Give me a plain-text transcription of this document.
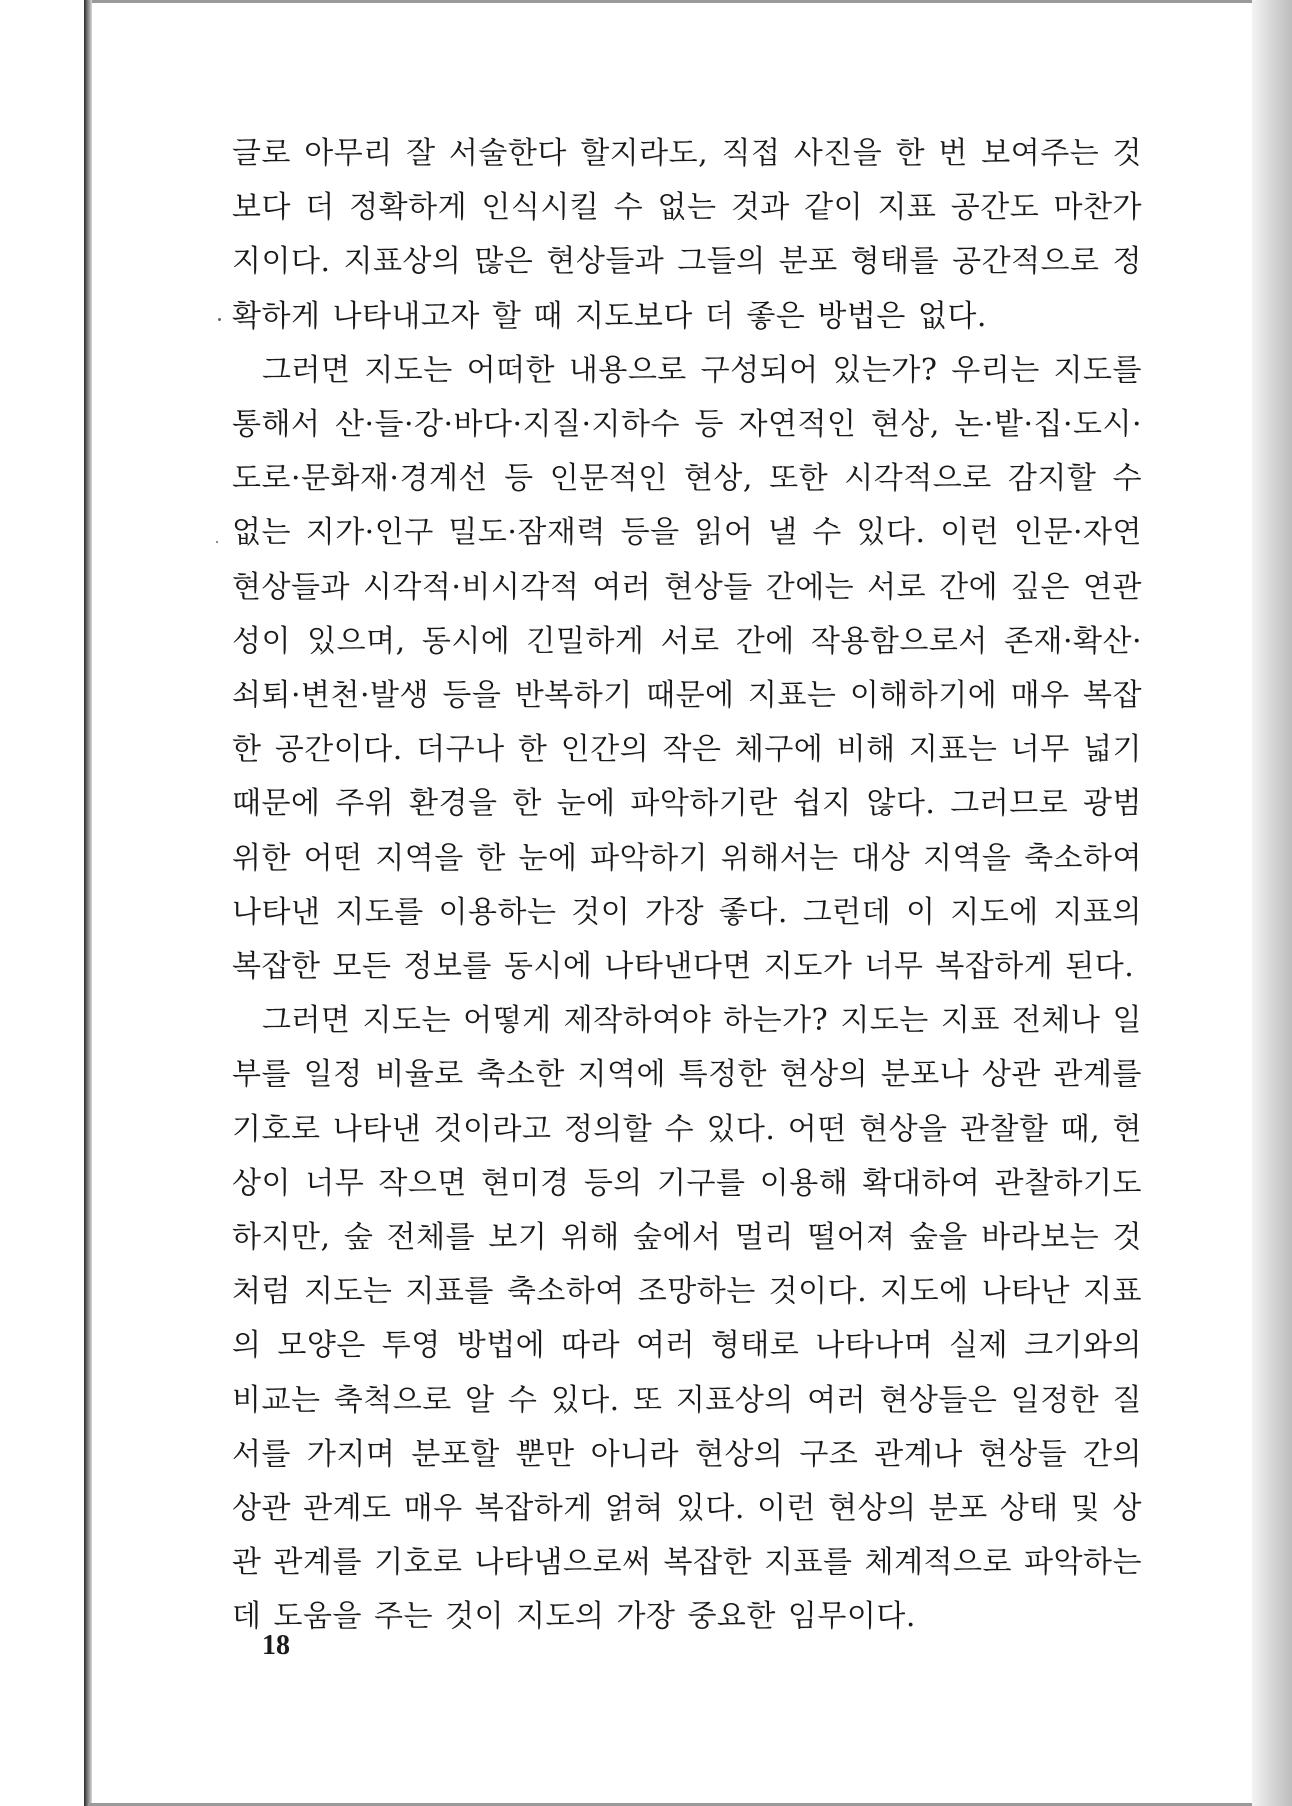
글로 아무리 잘 서술한다 할지라도, 직접 사진을 한 번 보여주는 것보다 더 정확하게 인식시킬 수 없는 것과 같이 지표 공간도 마찬가지이다. 지표상의 많은 현상들과 그들의 분포 형태를 공간적으로 정확하게 나타내고자 할 때 지도보다 더 좋은 방법은 없다.

그러면 지도는 어떠한 내용으로 구성되어 있는가? 우리는 지도를 통해서 산·들·강·바다·지질·지하수 등 자연적인 현상, 논·밭·집·도시·도로·문화재·경계선 등 인문적인 현상, 또한 시각적으로 감지할 수 없는 지가·인구 밀도·잠재력 등을 읽어 낼 수 있다. 이런 인문·자연 현상들과 시각적·비시각적 여러 현상들 간에는 서로 간에 깊은 연관성이 있으며, 동시에 긴밀하게 서로 간에 작용함으로서 존재·확산·쇠퇴·변천·발생 등을 반복하기 때문에 지표는 이해하기에 매우 복잡한 공간이다. 더구나 한 인간의 작은 체구에 비해 지표는 너무 넓기 때문에 주위 환경을 한 눈에 파악하기란 쉽지 않다. 그러므로 광범위한 어떤 지역을 한 눈에 파악하기 위해서는 대상 지역을 축소하여 나타낸 지도를 이용하는 것이 가장 좋다. 그런데 이 지도에 지표의 복잡한 모든 정보를 동시에 나타낸다면 지도가 너무 복잡하게 된다.

그러면 지도는 어떻게 제작하여야 하는가? 지도는 지표 전체나 일부를 일정 비율로 축소한 지역에 특정한 현상의 분포나 상관 관계를 기호로 나타낸 것이라고 정의할 수 있다. 어떤 현상을 관찰할 때, 현상이 너무 작으면 현미경 등의 기구를 이용해 확대하여 관찰하기도 하지만, 숲 전체를 보기 위해 숲에서 멀리 떨어져 숲을 바라보는 것처럼 지도는 지표를 축소하여 조망하는 것이다. 지도에 나타난 지표의 모양은 투영 방법에 따라 여러 형태로 나타나며 실제 크기와의 비교는 축척으로 알 수 있다. 또 지표상의 여러 현상들은 일정한 질서를 가지며 분포할 뿐만 아니라 현상의 구조 관계나 현상들 간의 상관 관계도 매우 복잡하게 얽혀 있다. 이런 현상의 분포 상태 및 상관 관계를 기호로 나타냄으로써 복잡한 지표를 체계적으로 파악하는 데 도움을 주는 것이 지도의 가장 중요한 임무이다.

18
